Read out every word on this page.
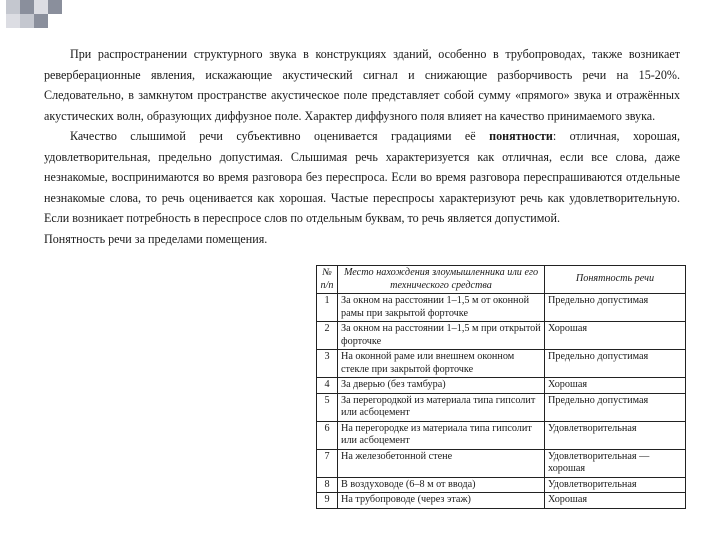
При распространении структурного звука в конструкциях зданий, особенно в трубопроводах, также возникает реверберационные явления, искажающие акустический сигнал и снижающие разборчивость речи на 15-20%. Следовательно, в замкнутом пространстве акустическое поле представляет собой сумму «прямого» звука и отражённых акустических волн, образующих диффузное поле. Характер диффузного поля влияет на качество принимаемого звука.

Качество слышимой речи субъективно оценивается градациями её понятности: отличная, хорошая, удовлетворительная, предельно допустимая. Слышимая речь характеризуется как отличная, если все слова, даже незнакомые, воспринимаются во время разговора без переспроса. Если во время разговора переспрашиваются отдельные незнакомые слова, то речь оценивается как хорошая. Частые переспросы характеризуют речь как удовлетворительную. Если возникает потребность в переспросе слов по отдельным буквам, то речь является допустимой.

Понятность речи за пределами помещения.

№ п/п	Место нахождения злоумышленника или его технического средства	Понятность речи
1	За окном на расстоянии 1–1,5 м от оконной рамы при закрытой форточке	Предельно допустимая
2	За окном на расстоянии 1–1,5 м при открытой форточке	Хорошая
3	На оконной раме или внешнем оконном стекле при закрытой форточке	Предельно допустимая
4	За дверью (без тамбура)	Хорошая
5	За перегородкой из материала типа гипсолит или асбоцемент	Предельно допустимая
6	На перегородке из материала типа гипсолит или асбоцемент	Удовлетворительная
7	На железобетонной стене	Удовлетворительная — хорошая
8	В воздуховоде (6–8 м от ввода)	Удовлетворительная
9	На трубопроводе (через этаж)	Хорошая
